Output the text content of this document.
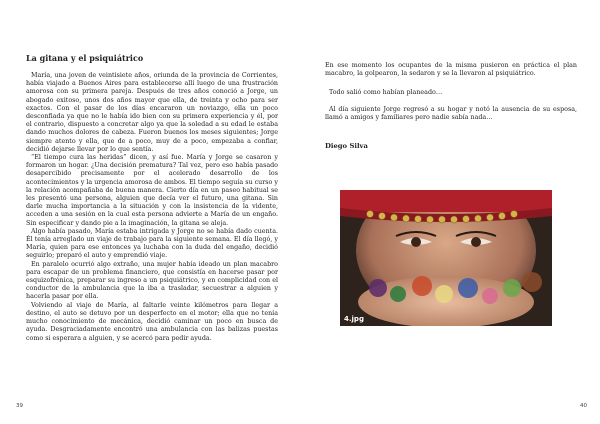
La gitana y el psiquiátrico

María, una joven de veintisiete años, oriunda de la provincia de Corrientes, había viajado a Buenos Aires para establecerse allí luego de una frustración amorosa con su primera pareja. Después de tres años conoció a Jorge, un abogado exitoso, unos dos años mayor que ella, de treinta y ocho para ser exactos. Con el pasar de los días encararon un noviazgo, ella un poco desconfiada ya que no le había ido bien con su primera experiencia y él, por el contrario, dispuesto a concretar algo ya que la soledad a su edad le estaba dando muchos dolores de cabeza. Fueron buenos los meses siguientes; Jorge siempre atento y ella, que de a poco, muy de a poco, empezaba a confiar, decidió dejarse llevar por lo que sentía.

“El tiempo cura las heridas” dicen, y así fue. María y Jorge se casaron y formaron un hogar. ¿Una decisión prematura? Tal vez, pero eso había pasado desapercibido precisamente por el acelerado desarrollo de los acontecimientos y la urgencia amorosa de ambos. El tiempo seguía su curso y la relación acompañaba de buena manera. Cierto día en un paseo habitual se les presentó una persona, alguien que decía ver el futuro, una gitana. Sin darle mucha importancia a la situación y con la insistencia de la vidente, acceden a una sesión en la cual esta persona advierte a María de un engaño. Sin especificar y dando pie a la imaginación, la gitana se aleja.

Algo había pasado, María estaba intrigada y Jorge no se había dado cuenta. Él tenía arreglado un viaje de trabajo para la siguiente semana. El día llegó, y María, quien para ese entonces ya luchaba con la duda del engaño, decidió seguirlo; preparó el auto y emprendió viaje.

En paralelo ocurrió algo extraño, una mujer había ideado un plan macabro para escapar de un problema financiero, que consistía en hacerse pasar por esquizofrénica, preparar su ingreso a un psiquiátrico, y en complicidad con el conductor de la ambulancia que la iba a trasladar, secuestrar a alguien y hacerla pasar por ella.

Volviendo al viaje de María, al faltarle veinte kilómetros para llegar a destino, el auto se detuvo por un desperfecto en el motor; ella que no tenía mucho conocimiento de mecánica, decidió caminar un poco en busca de ayuda. Desgraciadamente encontró una ambulancia con las balizas puestas como si esperara a alguien, y se acercó para pedir ayuda.

39

En ese momento los ocupantes de la misma pusieron en práctica el plan macabro, la golpearon, la sedaron y se la llevaron al psiquiátrico.

Todo salió como habían planeado…

Al día siguiente Jorge regresó a su hogar y notó la ausencia de su esposa, llamó a amigos y familiares pero nadie sabía nada…

Diego Silva

4.jpg
40
